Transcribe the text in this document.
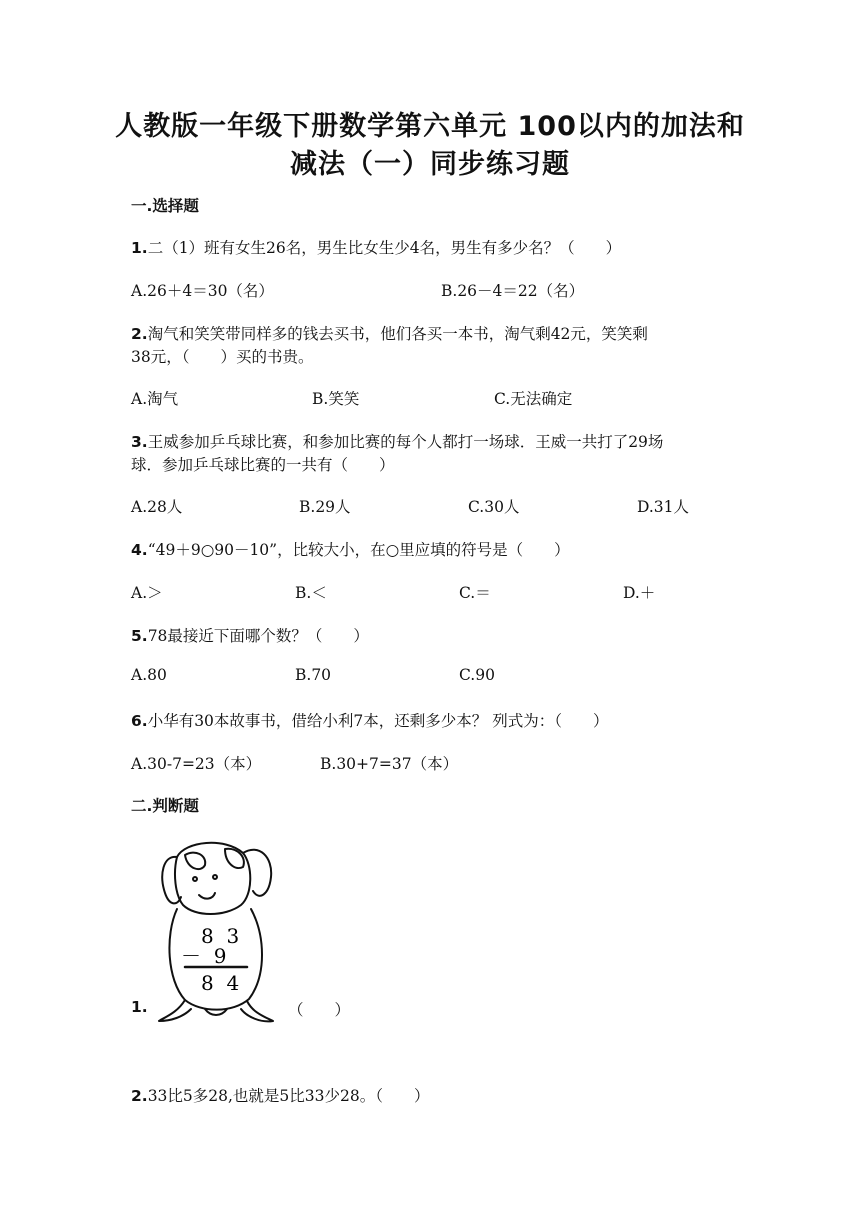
人教版一年级下册数学第六单元 100以内的加法和
减法（一）同步练习题
一.选择题
1.二（1）班有女生26名，男生比女生少4名，男生有多少名？（　　）
A.26＋4＝30（名）	B.26－4＝22（名）
2.淘气和笑笑带同样多的钱去买书，他们各买一本书，淘气剩42元，笑笑剩
38元，（　　）买的书贵。
A.淘气	B.笑笑	C.无法确定
3.王威参加乒乓球比赛，和参加比赛的每个人都打一场球．王威一共打了29场
球．参加乒乓球比赛的一共有（　　）
A.28人	B.29人	C.30人	D.31人
4.“49＋9○90－10”，比较大小，在○里应填的符号是（　　）
A.＞	B.＜	C.＝	D.＋
5.78最接近下面哪个数？（　　）
A.80	B.70	C.90
6.小华有30本故事书，借给小利7本，还剩多少本？ 列式为：（　　）
A.30-7=23（本）	B.30+7=37（本）
二.判断题
8  3
－  9
8  4
1.	（　　）
2.33比5多28,也就是5比33少28。（　　）
